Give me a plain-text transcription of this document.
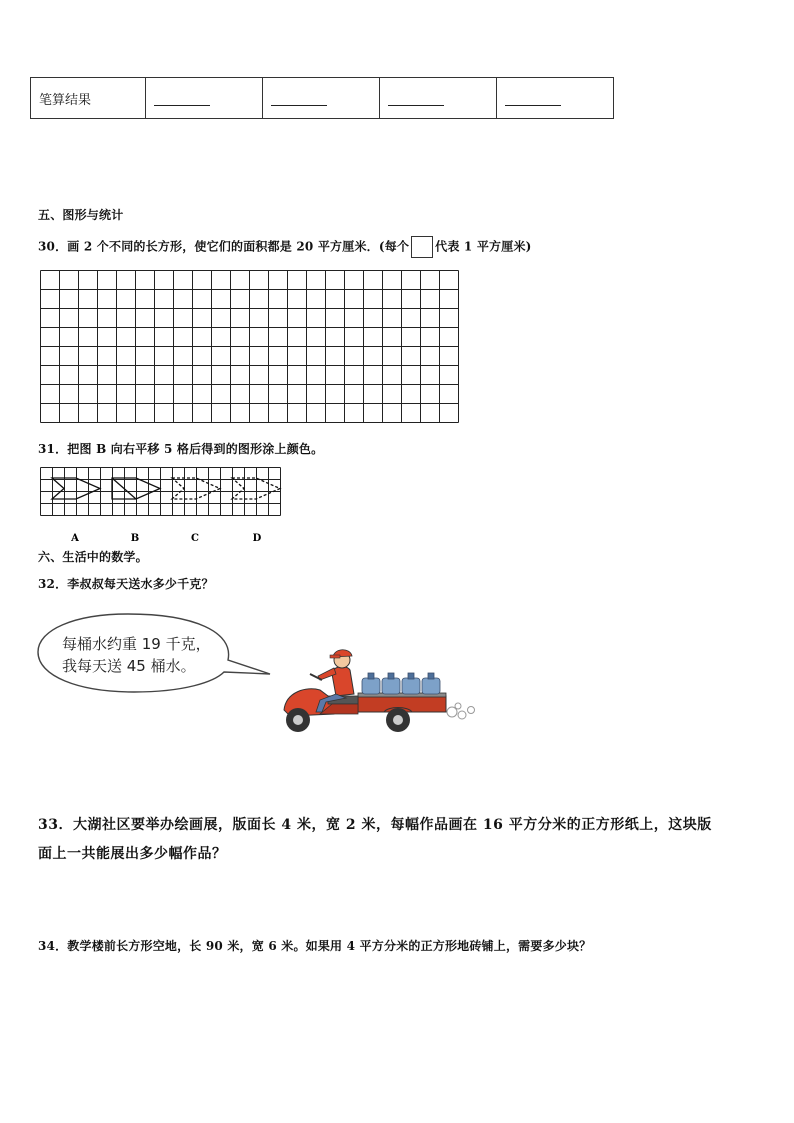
笔算结果				
五、图形与统计
30．画 2 个不同的长方形，使它们的面积都是 20 平方厘米．(每个 代表 1 平方厘米)
31．把图 B 向右平移 5 格后得到的图形涂上颜色。
A	B	C	D
六、生活中的数学。
32．李叔叔每天送水多少千克？
每桶水约重 19 千克，
我每天送 45 桶水。
33．大湖社区要举办绘画展，版面长 4 米，宽 2 米，每幅作品画在 16 平方分米的正方形纸上，这块版
面上一共能展出多少幅作品？
34．教学楼前长方形空地，长 90 米，宽 6 米。如果用 4 平方分米的正方形地砖铺上，需要多少块？
